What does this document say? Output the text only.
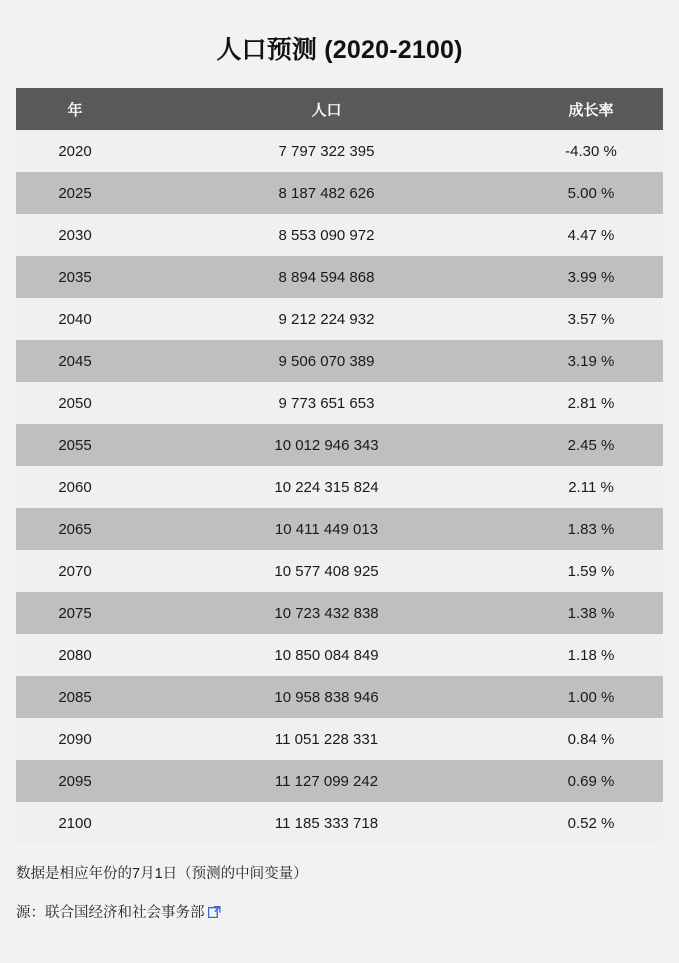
人口预测 (2020-2100)
年	人口	成长率
2020	7 797 322 395	-4.30 %
2025	8 187 482 626	5.00 %
2030	8 553 090 972	4.47 %
2035	8 894 594 868	3.99 %
2040	9 212 224 932	3.57 %
2045	9 506 070 389	3.19 %
2050	9 773 651 653	2.81 %
2055	10 012 946 343	2.45 %
2060	10 224 315 824	2.11 %
2065	10 411 449 013	1.83 %
2070	10 577 408 925	1.59 %
2075	10 723 432 838	1.38 %
2080	10 850 084 849	1.18 %
2085	10 958 838 946	1.00 %
2090	11 051 228 331	0.84 %
2095	11 127 099 242	0.69 %
2100	11 185 333 718	0.52 %
数据是相应年份的7月1日（预测的中间变量）
源：联合国经济和社会事务部
